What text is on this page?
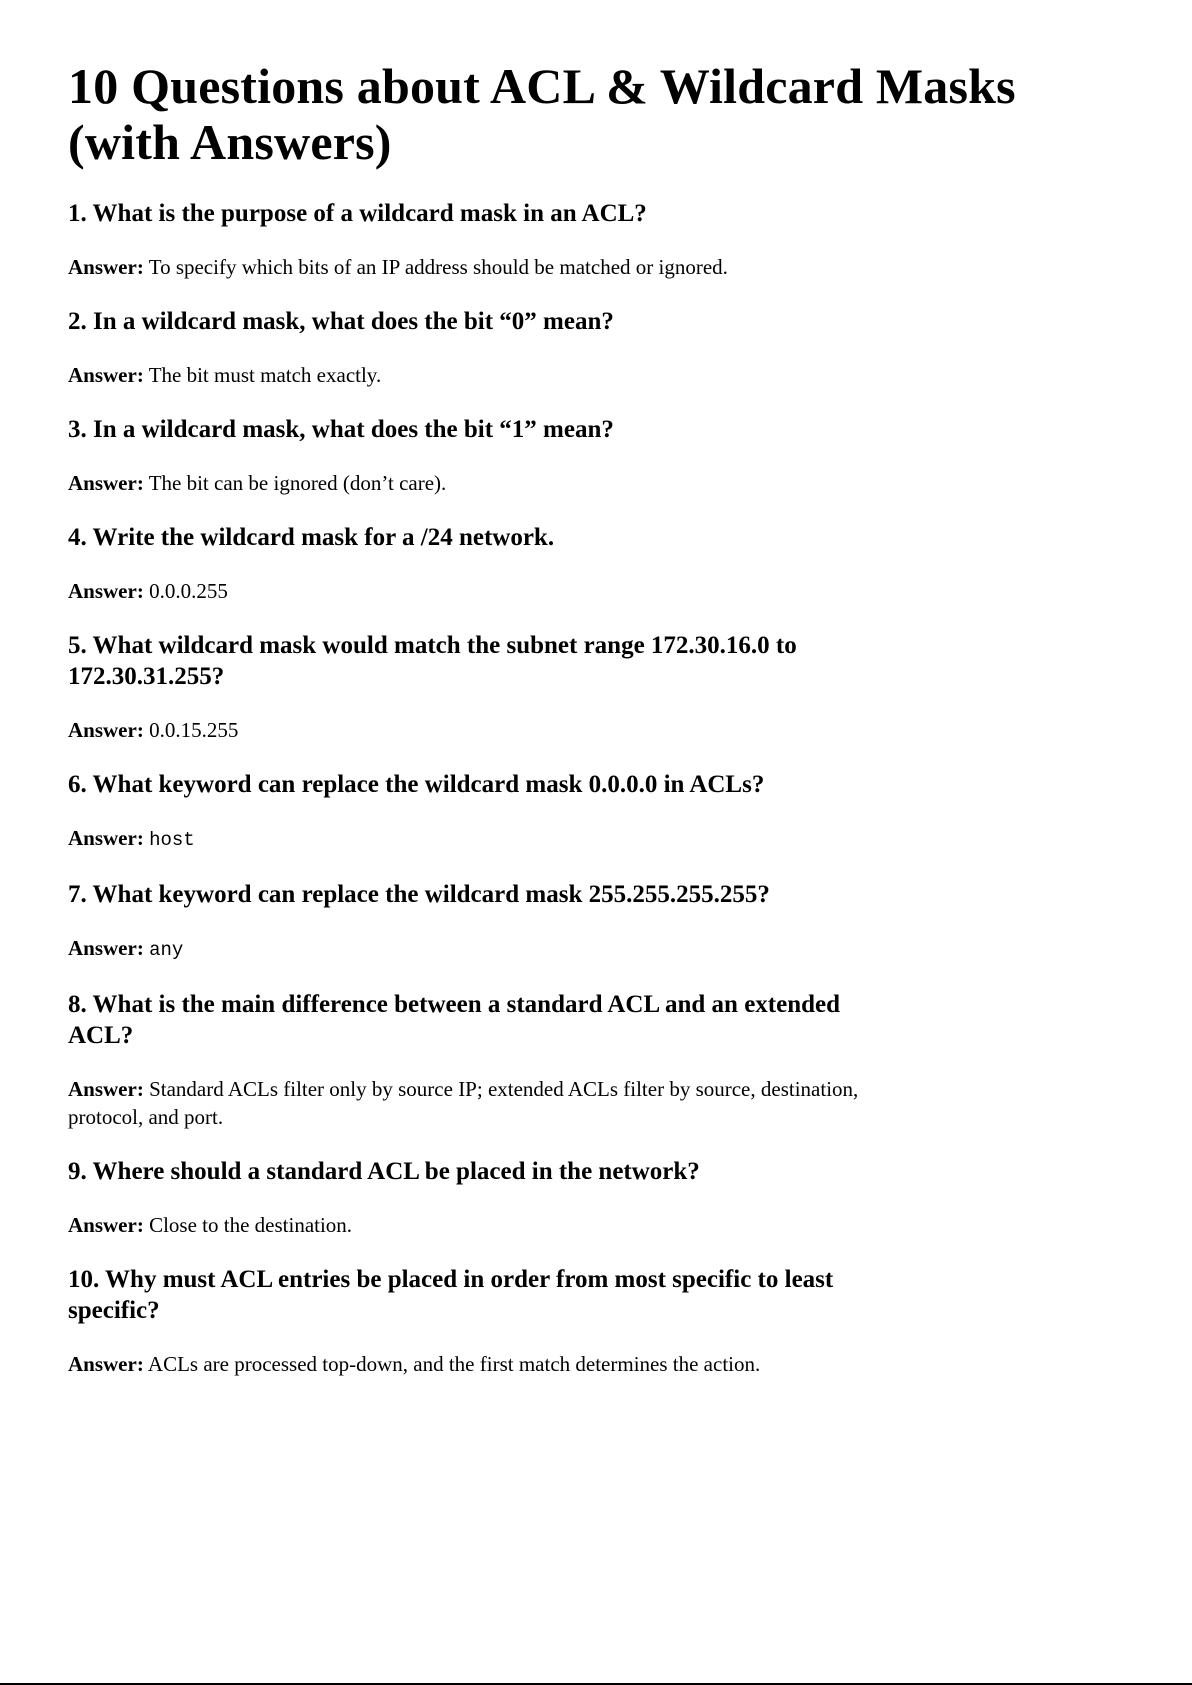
10 Questions about ACL & Wildcard Masks
(with Answers)
1. What is the purpose of a wildcard mask in an ACL?

Answer: To specify which bits of an IP address should be matched or ignored.

2. In a wildcard mask, what does the bit “0” mean?

Answer: The bit must match exactly.

3. In a wildcard mask, what does the bit “1” mean?

Answer: The bit can be ignored (don’t care).

4. Write the wildcard mask for a /24 network.

Answer: 0.0.0.255

5. What wildcard mask would match the subnet range 172.30.16.0 to
172.30.31.255?

Answer: 0.0.15.255

6. What keyword can replace the wildcard mask 0.0.0.0 in ACLs?

Answer: host

7. What keyword can replace the wildcard mask 255.255.255.255?

Answer: any

8. What is the main difference between a standard ACL and an extended
ACL?

Answer: Standard ACLs filter only by source IP; extended ACLs filter by source, destination,
protocol, and port.

9. Where should a standard ACL be placed in the network?

Answer: Close to the destination.

10. Why must ACL entries be placed in order from most specific to least
specific?

Answer: ACLs are processed top-down, and the first match determines the action.
